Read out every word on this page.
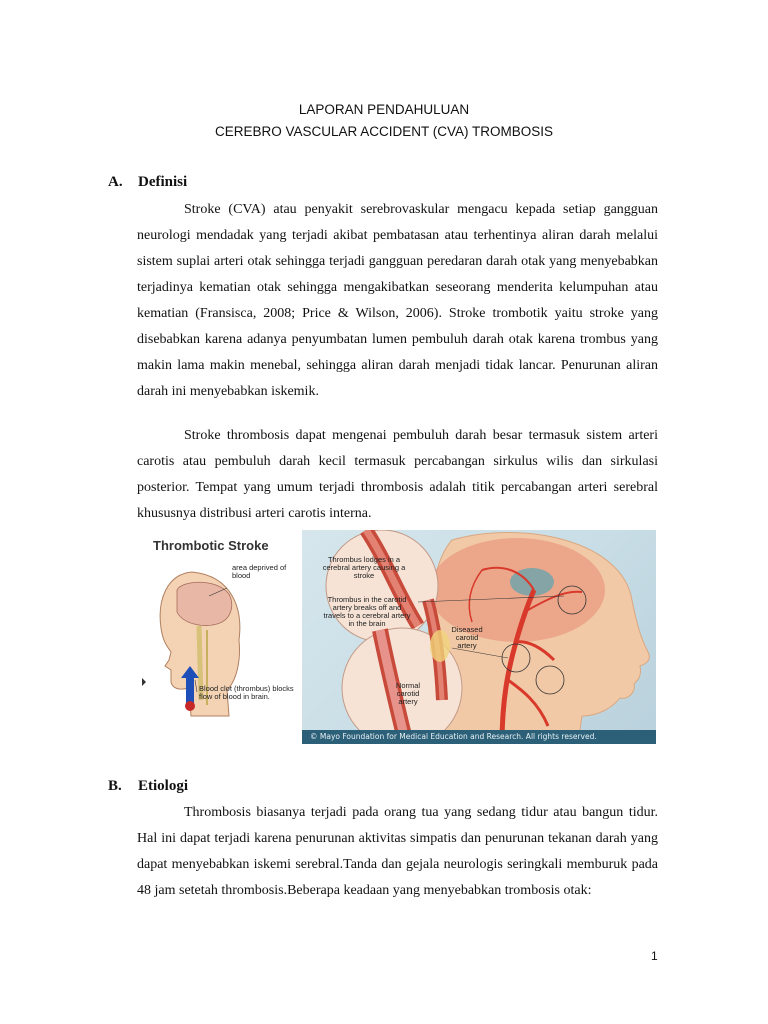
LAPORAN PENDAHULUAN
CEREBRO VASCULAR ACCIDENT (CVA) TROMBOSIS
A. Definisi

Stroke (CVA) atau penyakit serebrovaskular mengacu kepada setiap gangguan neurologi mendadak yang terjadi akibat pembatasan atau terhentinya aliran darah melalui sistem suplai arteri otak sehingga terjadi gangguan peredaran darah otak yang menyebabkan terjadinya kematian otak sehingga mengakibatkan seseorang menderita kelumpuhan atau kematian (Fransisca, 2008; Price & Wilson, 2006). Stroke trombotik yaitu stroke yang disebabkan karena adanya penyumbatan lumen pembuluh darah otak karena trombus yang makin lama makin menebal, sehingga aliran darah menjadi tidak lancar. Penurunan aliran darah ini menyebabkan iskemik.

Stroke thrombosis dapat mengenai pembuluh darah besar termasuk sistem arteri carotis atau pembuluh darah kecil termasuk percabangan sirkulus wilis dan sirkulasi posterior. Tempat yang umum terjadi thrombosis adalah titik percabangan arteri serebral khususnya distribusi arteri carotis interna.

Thrombotic Stroke
area deprived of blood
Blood clot (thrombus) blocks flow of blood in brain.
Thrombus lodges in a cerebral artery causing a stroke
Thrombus in the carotid artery breaks off and travels to a cerebral artery in the brain
Diseased carotid artery
Normal carotid artery
© Mayo Foundation for Medical Education and Research. All rights reserved.
B. Etiologi

Thrombosis biasanya terjadi pada orang tua yang sedang tidur atau bangun tidur. Hal ini dapat terjadi karena penurunan aktivitas simpatis dan penurunan tekanan darah yang dapat menyebabkan iskemi serebral.Tanda dan gejala neurologis seringkali memburuk pada 48 jam setetah thrombosis.Beberapa keadaan yang menyebabkan trombosis otak:

1
